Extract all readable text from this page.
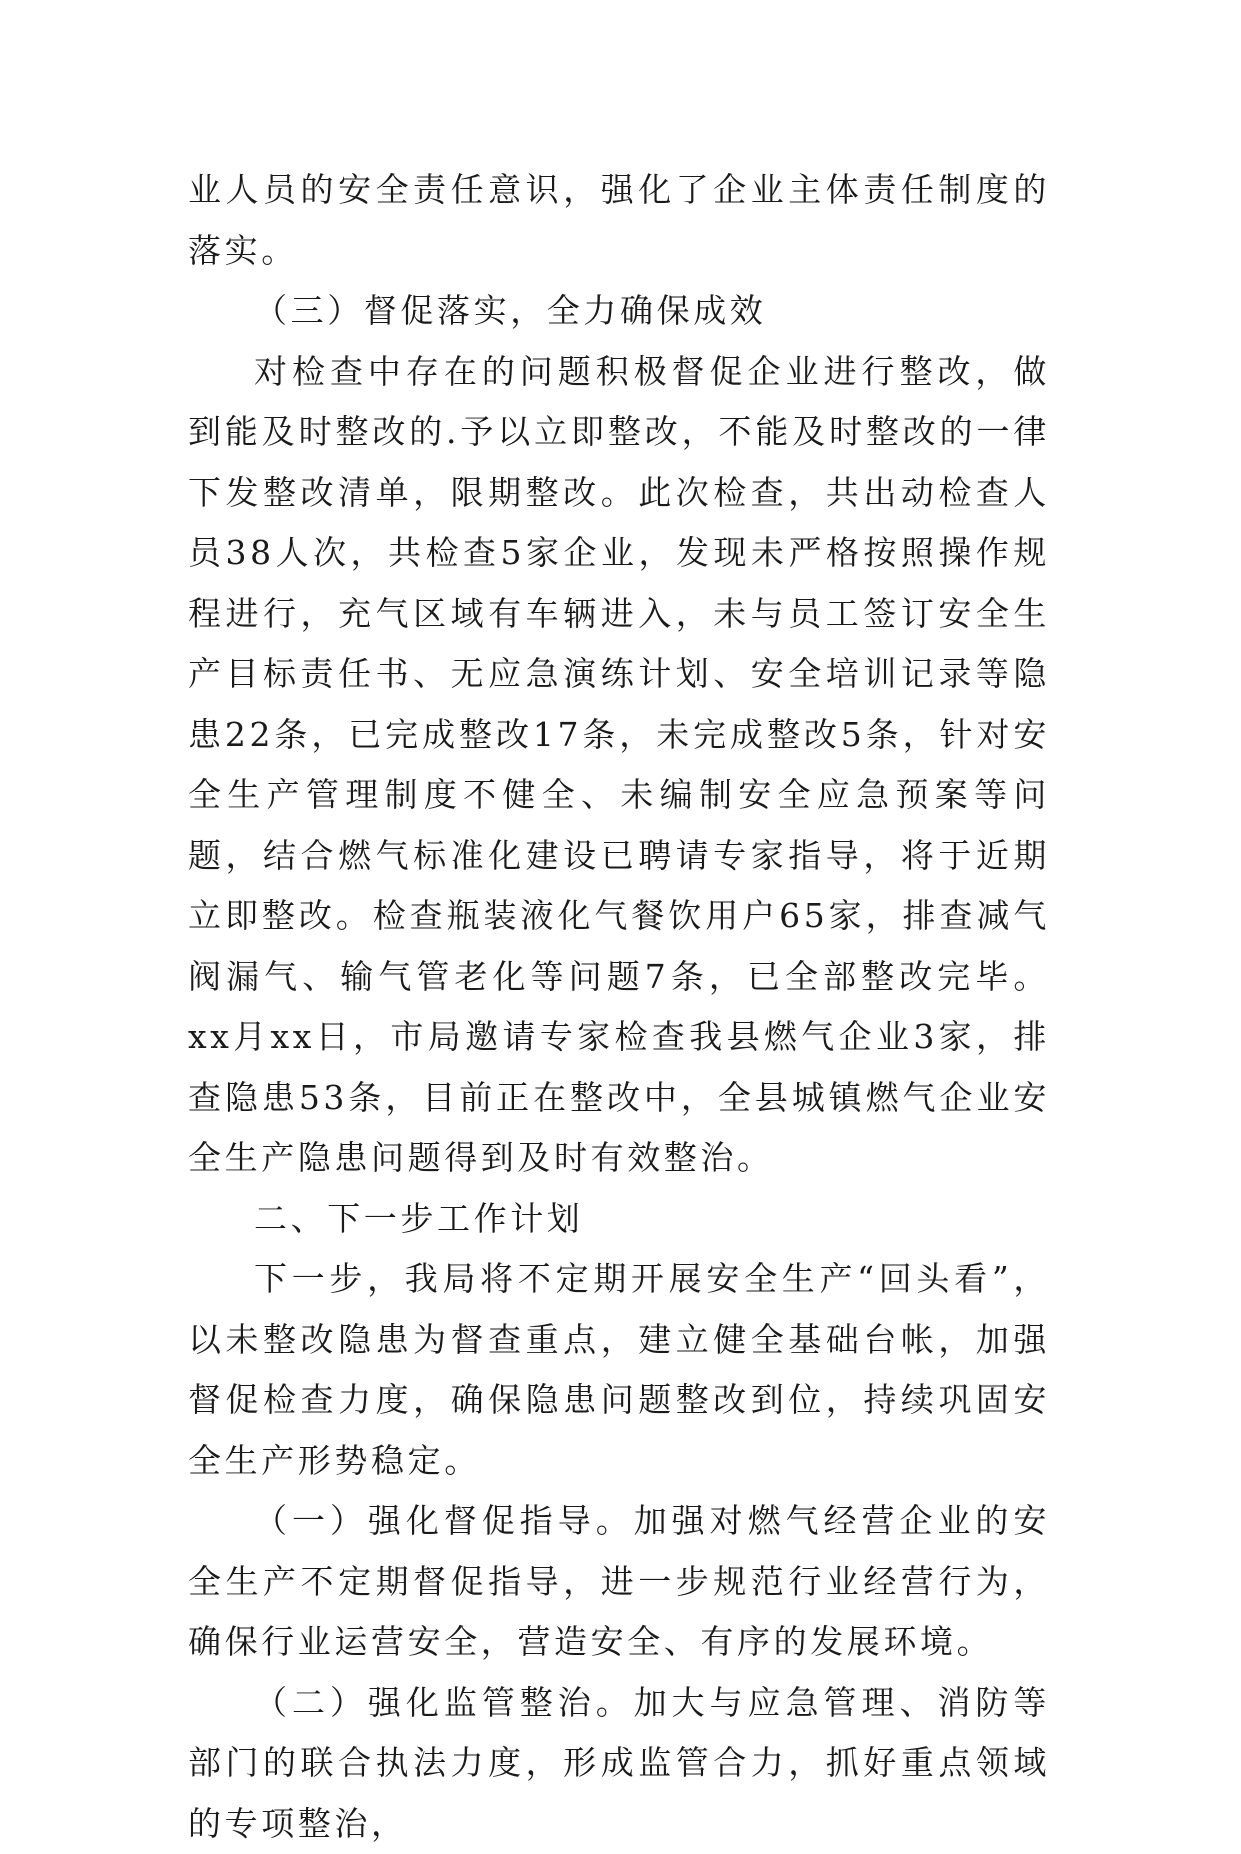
业人员的安全责任意识，强化了企业主体责任制度的落实。

（三）督促落实，全力确保成效

对检查中存在的问题积极督促企业进行整改，做到能及时整改的.予以立即整改，不能及时整改的一律下发整改清单，限期整改。此次检查，共出动检查人员38人次，共检查5家企业，发现未严格按照操作规程进行，充气区域有车辆进入，未与员工签订安全生产目标责任书、无应急演练计划、安全培训记录等隐患22条，已完成整改17条，未完成整改5条，针对安全生产管理制度不健全、未编制安全应急预案等问题，结合燃气标准化建设已聘请专家指导，将于近期立即整改。检查瓶装液化气餐饮用户65家，排查减气阀漏气、输气管老化等问题7条，已全部整改完毕。xx月xx日，市局邀请专家检查我县燃气企业3家，排查隐患53条，目前正在整改中，全县城镇燃气企业安全生产隐患问题得到及时有效整治。

二、下一步工作计划

下一步，我局将不定期开展安全生产“回头看”，以未整改隐患为督查重点，建立健全基础台帐，加强督促检查力度，确保隐患问题整改到位，持续巩固安全生产形势稳定。

（一）强化督促指导。加强对燃气经营企业的安全生产不定期督促指导，进一步规范行业经营行为，确保行业运营安全，营造安全、有序的发展环境。

（二）强化监管整治。加大与应急管理、消防等部门的联合执法力度，形成监管合力，抓好重点领域的专项整治，
